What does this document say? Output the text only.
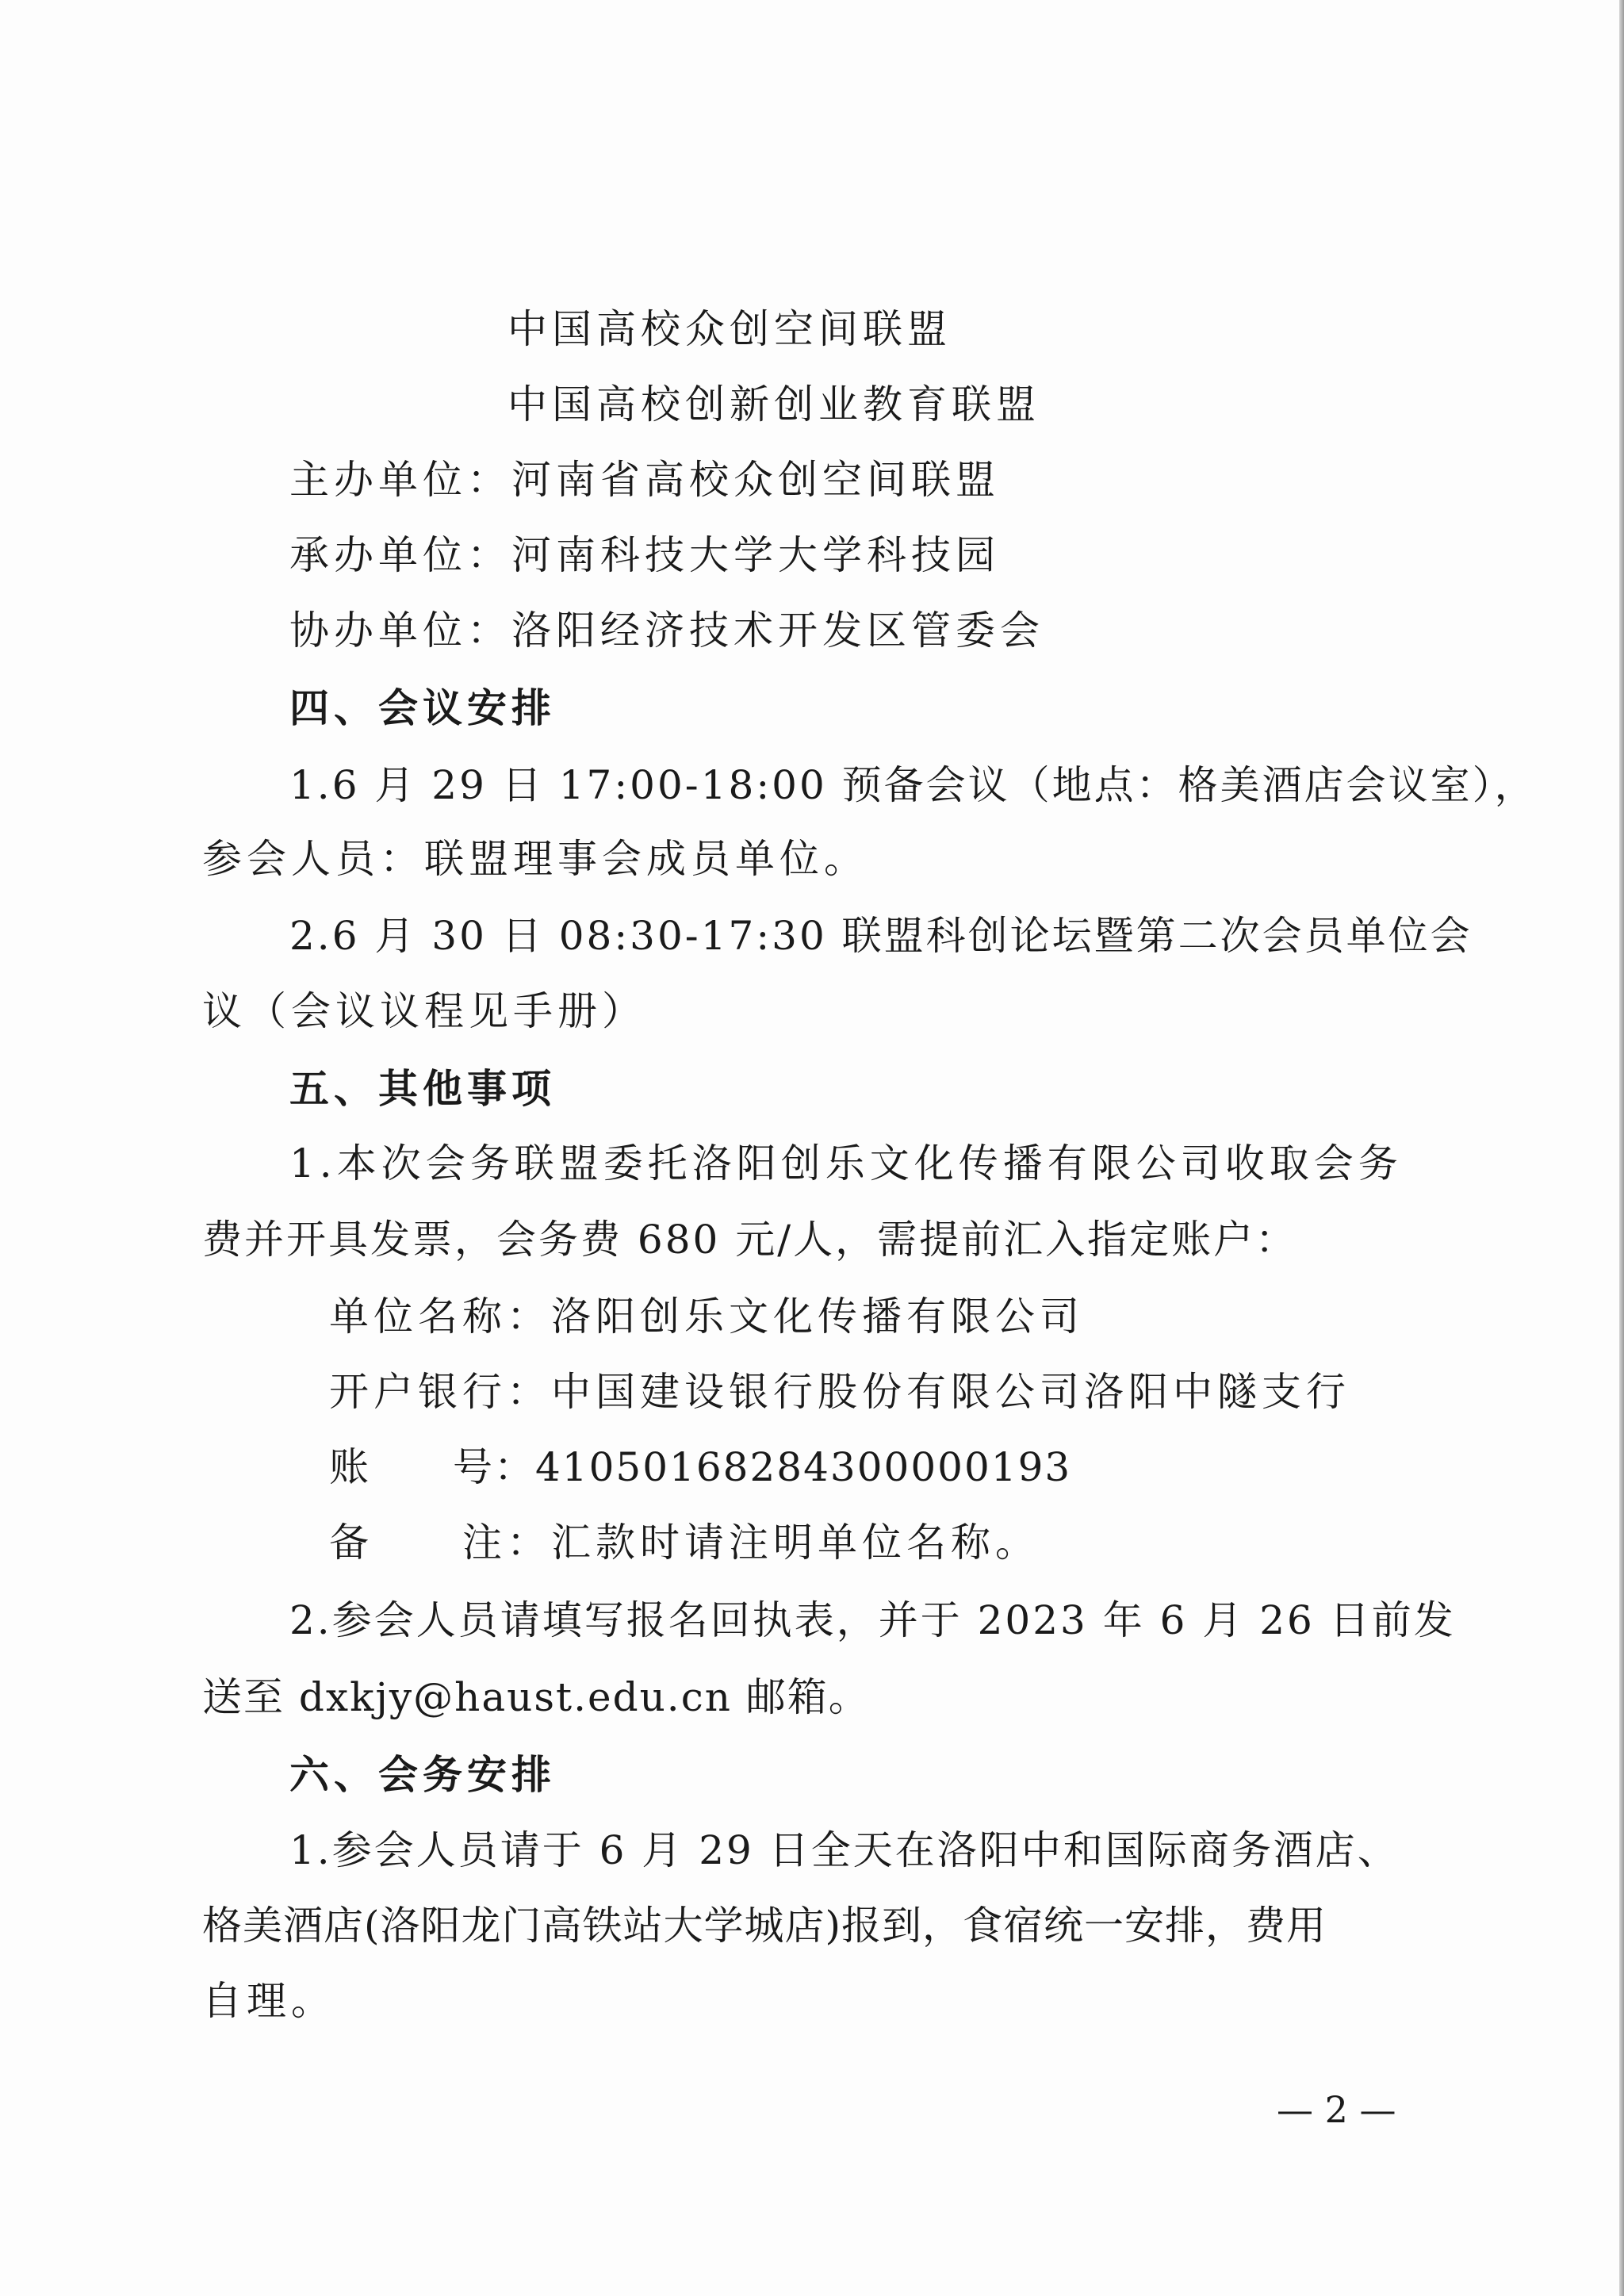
中国高校众创空间联盟
中国高校创新创业教育联盟
主办单位：河南省高校众创空间联盟
承办单位：河南科技大学大学科技园
协办单位：洛阳经济技术开发区管委会
四、会议安排
1.6 月 29 日 17:00-18:00 预备会议（地点：格美酒店会议室），
参会人员：联盟理事会成员单位。
2.6 月 30 日 08:30-17:30 联盟科创论坛暨第二次会员单位会
议（会议议程见手册）
五、其他事项
1.本次会务联盟委托洛阳创乐文化传播有限公司收取会务
费并开具发票，会务费 680 元/人，需提前汇入指定账户：
单位名称：洛阳创乐文化传播有限公司
开户银行：中国建设银行股份有限公司洛阳中隧支行
账　　号：41050168284300000193
备　　注：汇款时请注明单位名称。
2.参会人员请填写报名回执表，并于 2023 年 6 月 26 日前发
送至 dxkjy@haust.edu.cn 邮箱。
六、会务安排
1.参会人员请于 6 月 29 日全天在洛阳中和国际商务酒店、
格美酒店(洛阳龙门高铁站大学城店)报到，食宿统一安排，费用
自理。
— 2 —
